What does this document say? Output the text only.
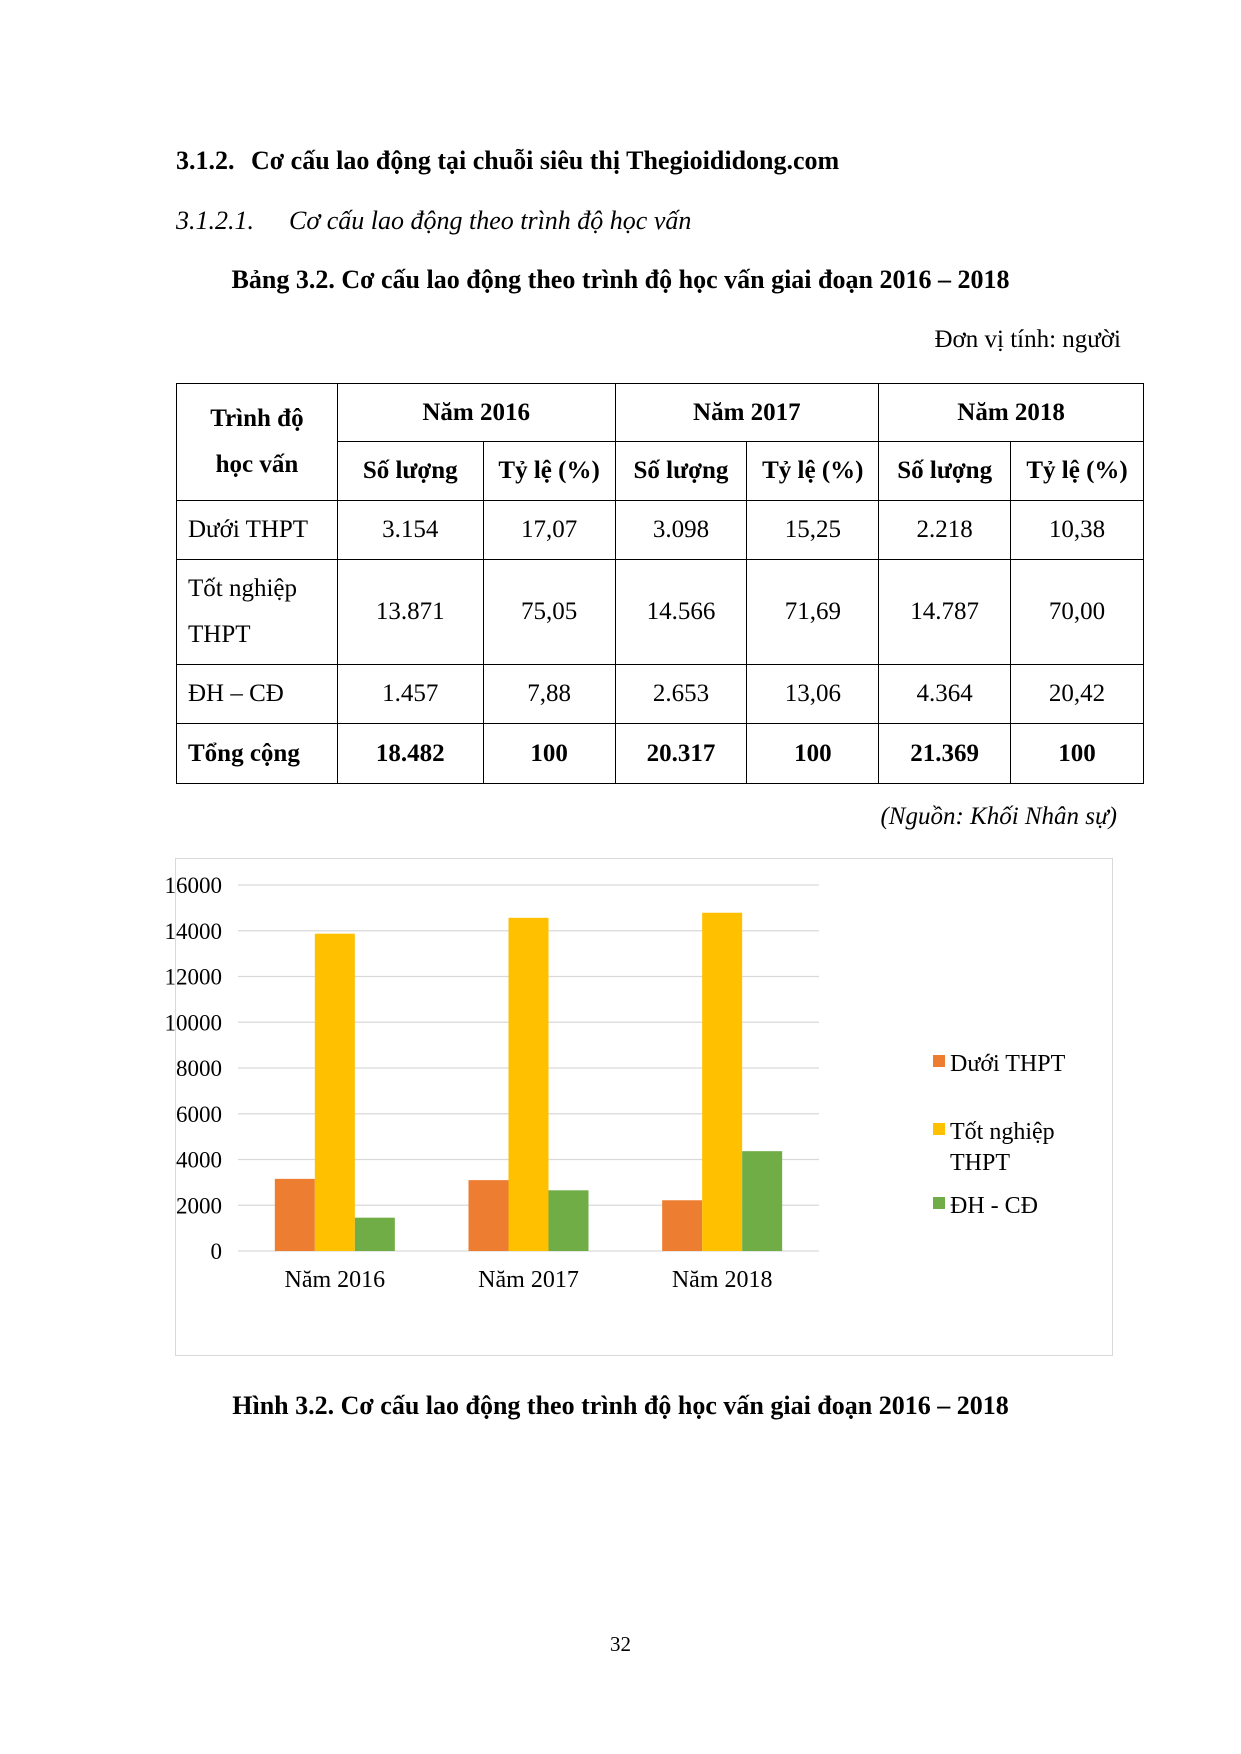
3.1.2. Cơ cấu lao động tại chuỗi siêu thị Thegioididong.com
3.1.2.1. Cơ cấu lao động theo trình độ học vấn
Bảng 3.2. Cơ cấu lao động theo trình độ học vấn giai đoạn 2016 – 2018
Đơn vị tính: người
Trình độ
học vấn	Năm 2016		Năm 2017		Năm 2018	
	Số lượng	Tỷ lệ (%)	Số lượng	Tỷ lệ (%)	Số lượng	Tỷ lệ (%)
Dưới THPT	3.154	17,07	3.098	15,25	2.218	10,38

Tốt nghiệp
THPT	13.871	75,05	14.566	71,69	14.787	70,00
ĐH – CĐ	1.457	7,88	2.653	13,06	4.364	20,42
Tổng cộng	18.482	100	20.317	100	21.369	100
(Nguồn: Khối Nhân sự)
0
2000
4000
6000
8000
10000
12000
14000
16000
Năm 2016	Năm 2017	Năm 2018
Dưới THPT
Tốt nghiệp
THPT
ĐH - CĐ
Hình 3.2. Cơ cấu lao động theo trình độ học vấn giai đoạn 2016 – 2018
32
